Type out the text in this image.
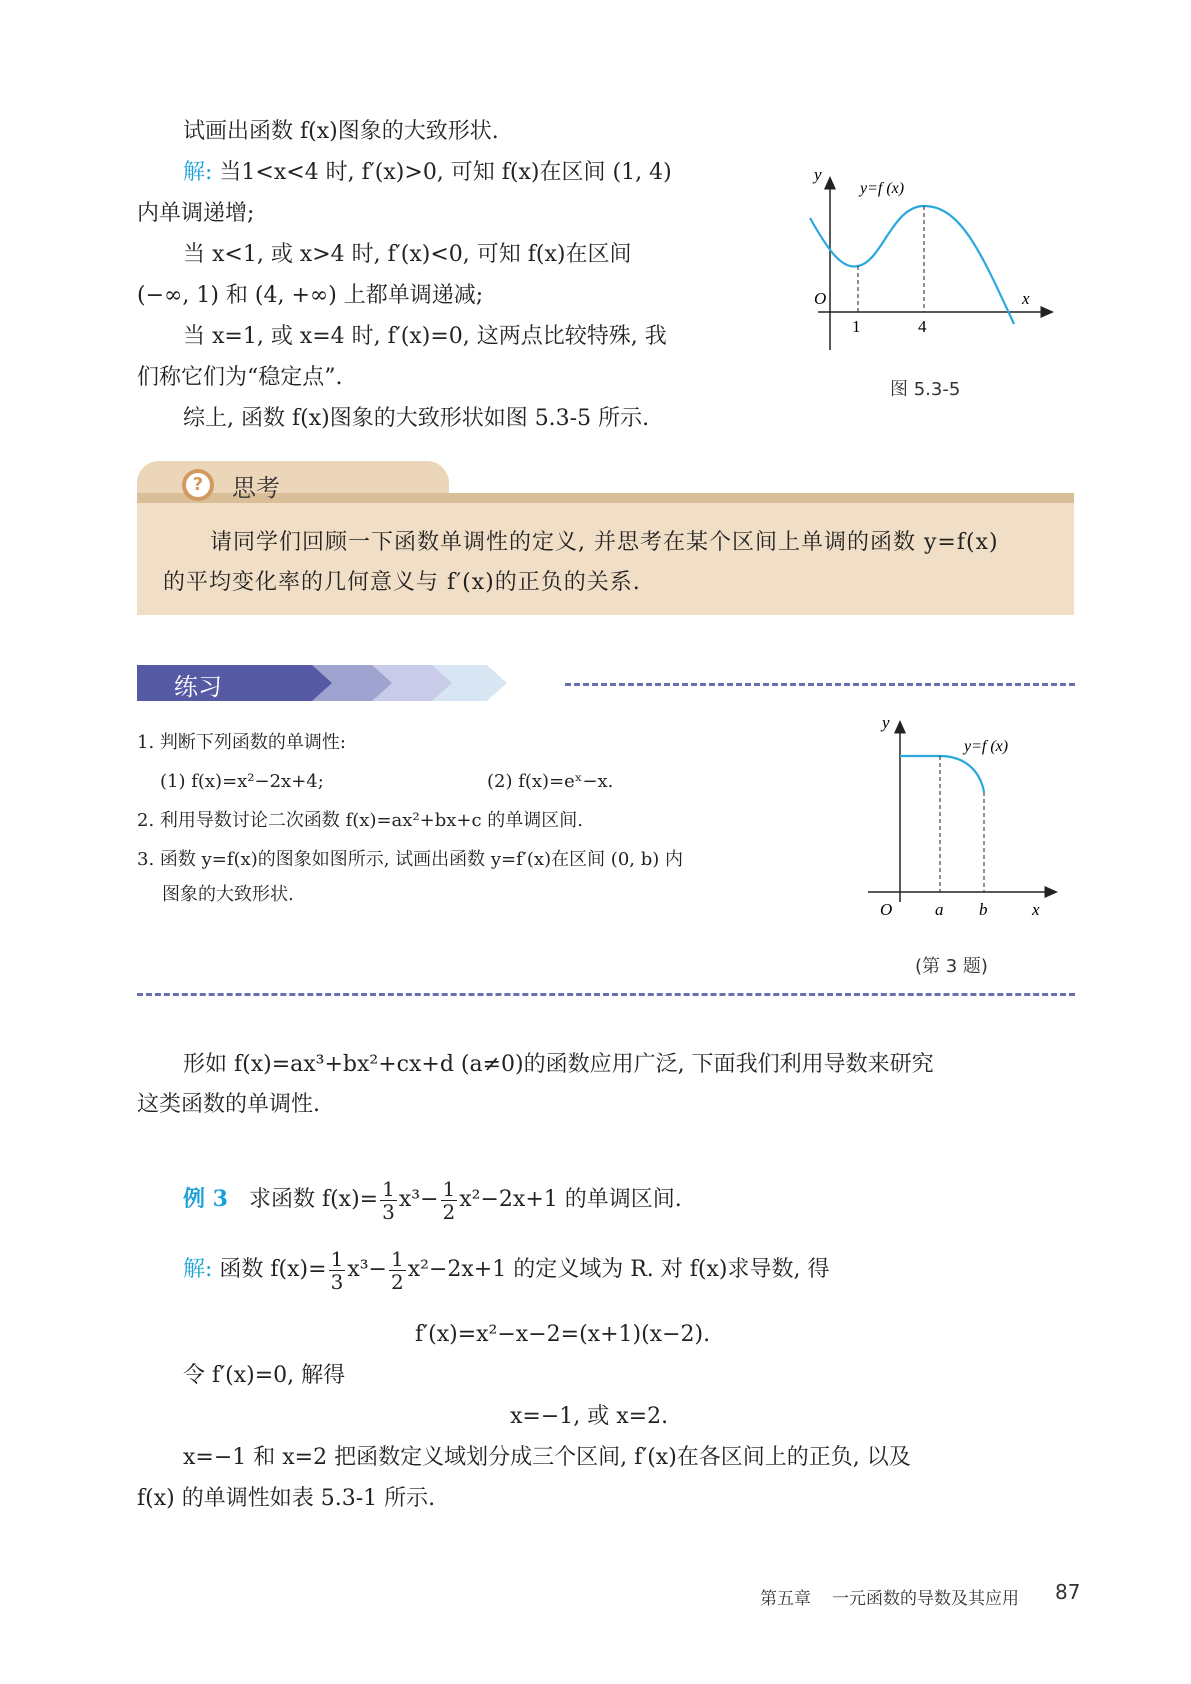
试画出函数 f(x)图象的大致形状.
解: 当1<x<4 时, f′(x)>0, 可知 f(x)在区间 (1, 4)
内单调递增;
当 x<1, 或 x>4 时, f′(x)<0, 可知 f(x)在区间
(−∞, 1) 和 (4, +∞) 上都单调递减;
当 x=1, 或 x=4 时, f′(x)=0, 这两点比较特殊, 我
们称它们为“稳定点”.
综上, 函数 f(x)图象的大致形状如图 5.3-5 所示.
y
x
O
1	4
y=f (x)
图 5.3-5
? 思考
请同学们回顾一下函数单调性的定义, 并思考在某个区间上单调的函数 y=f(x)
的平均变化率的几何意义与 f′(x)的正负的关系.
练习
1. 判断下列函数的单调性:
(1) f(x)=x²−2x+4;	(2) f(x)=eˣ−x.
2. 利用导数讨论二次函数 f(x)=ax²+bx+c 的单调区间.
3. 函数 y=f(x)的图象如图所示, 试画出函数 y=f′(x)在区间 (0, b) 内
图象的大致形状.
y
x
O	a b
y=f (x)
(第 3 题)
形如 f(x)=ax³+bx²+cx+d (a≠0)的函数应用广泛, 下面我们利用导数来研究
这类函数的单调性.
例 3 求函数 $f(x)= \frac{1}{3} x^3- \frac{1}{2} x^2-2x+1$ 的单调区间.
解: 函数 $f(x)= \frac{1}{3} x^3- \frac{1}{2} x^2-2x+1$ 的定义域为 R. 对 f(x)求导数, 得
f′(x)=x²−x−2=(x+1)(x−2).
令 f′(x)=0, 解得
x=−1, 或 x=2.
x=−1 和 x=2 把函数定义域划分成三个区间, f′(x)在各区间上的正负, 以及
f(x) 的单调性如表 5.3-1 所示.
第五章 一元函数的导数及其应用 87
